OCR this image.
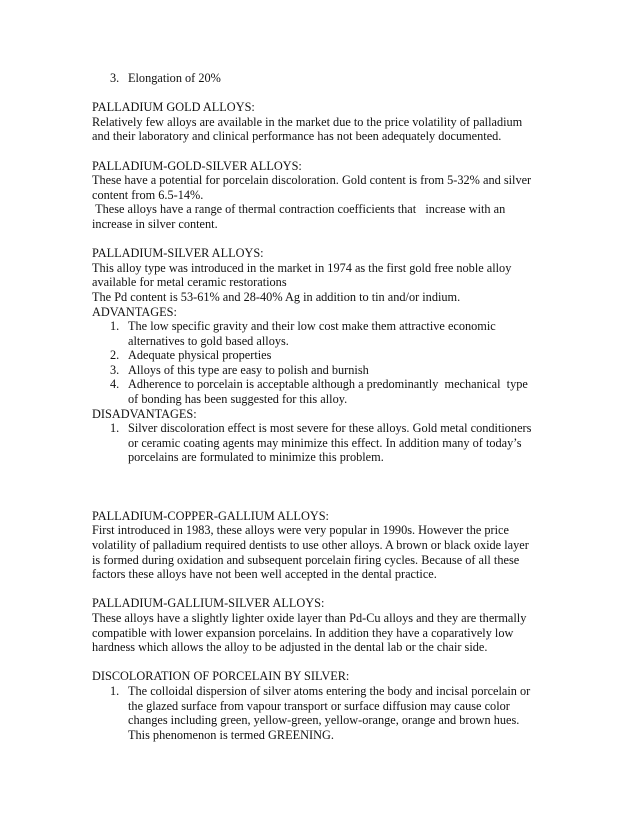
3. Elongation of 20%
PALLADIUM GOLD ALLOYS:
Relatively few alloys are available in the market due to the price volatility of palladium
and their laboratory and clinical performance has not been adequately documented.
PALLADIUM-GOLD-SILVER ALLOYS:
These have a potential for porcelain discoloration. Gold content is from 5-32% and silver
content from 6.5-14%.
These alloys have a range of thermal contraction coefficients that   increase with an
increase in silver content.
PALLADIUM-SILVER ALLOYS:
This alloy type was introduced in the market in 1974 as the first gold free noble alloy
available for metal ceramic restorations
The Pd content is 53-61% and 28-40% Ag in addition to tin and/or indium.
ADVANTAGES:
1. The low specific gravity and their low cost make them attractive economic
alternatives to gold based alloys.
2. Adequate physical properties
3. Alloys of this type are easy to polish and burnish
4. Adherence to porcelain is acceptable although a predominantly  mechanical  type
of bonding has been suggested for this alloy.
DISADVANTAGES:
1. Silver discoloration effect is most severe for these alloys. Gold metal conditioners
or ceramic coating agents may minimize this effect. In addition many of today’s
porcelains are formulated to minimize this problem.
PALLADIUM-COPPER-GALLIUM ALLOYS:
First introduced in 1983, these alloys were very popular in 1990s. However the price
volatility of palladium required dentists to use other alloys. A brown or black oxide layer
is formed during oxidation and subsequent porcelain firing cycles. Because of all these
factors these alloys have not been well accepted in the dental practice.
PALLADIUM-GALLIUM-SILVER ALLOYS:
These alloys have a slightly lighter oxide layer than Pd-Cu alloys and they are thermally
compatible with lower expansion porcelains. In addition they have a coparatively low
hardness which allows the alloy to be adjusted in the dental lab or the chair side.
DISCOLORATION OF PORCELAIN BY SILVER:
1. The colloidal dispersion of silver atoms entering the body and incisal porcelain or
the glazed surface from vapour transport or surface diffusion may cause color
changes including green, yellow-green, yellow-orange, orange and brown hues.
This phenomenon is termed GREENING.
